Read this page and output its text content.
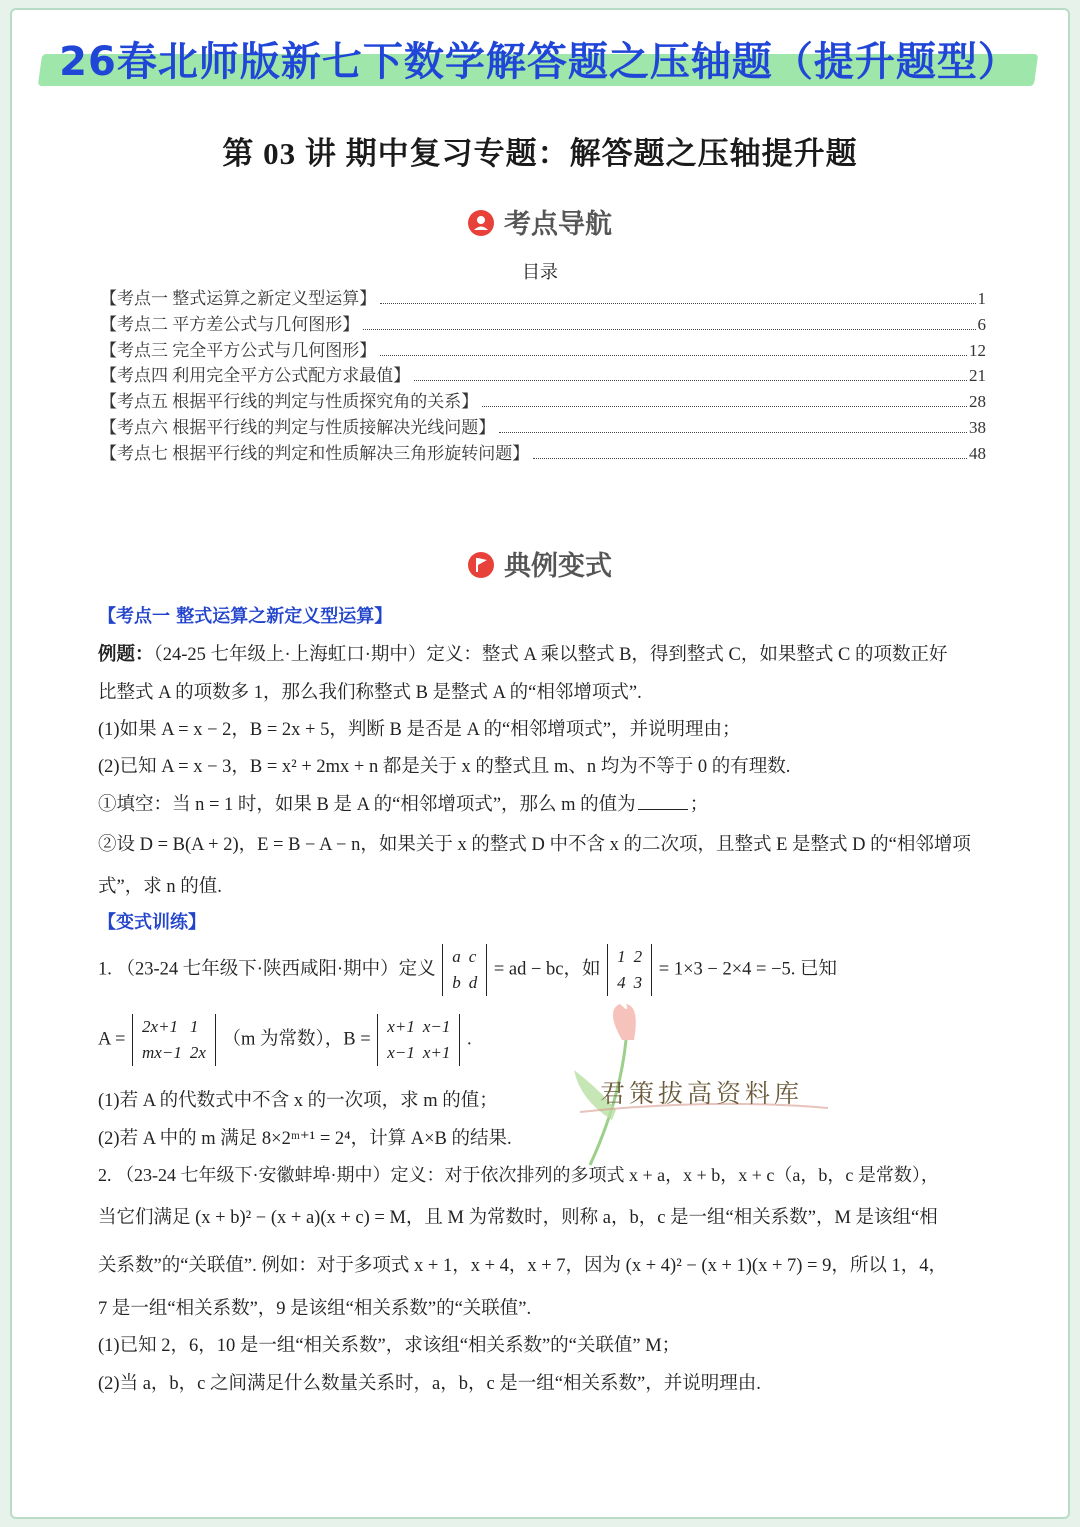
26春北师版新七下数学解答题之压轴题（提升题型）
第 03 讲 期中复习专题：解答题之压轴提升题
考点导航
目录
【考点一 整式运算之新定义型运算】	1
【考点二 平方差公式与几何图形】	6
【考点三 完全平方公式与几何图形】	12
【考点四 利用完全平方公式配方求最值】	21
【考点五 根据平行线的判定与性质探究角的关系】	28
【考点六 根据平行线的判定与性质接解决光线问题】	38
【考点七 根据平行线的判定和性质解决三角形旋转问题】	48
典例变式
【考点一 整式运算之新定义型运算】
例题：（24-25 七年级上·上海虹口·期中）定义：整式 A 乘以整式 B，得到整式 C，如果整式 C 的项数正好
比整式 A 的项数多 1，那么我们称整式 B 是整式 A 的“相邻增项式”.
(1)如果 A = x − 2，B = 2x + 5，判断 B 是否是 A 的“相邻增项式”，并说明理由；
(2)已知 A = x − 3，B = x² + 2mx + n 都是关于 x 的整式且 m、n 均为不等于 0 的有理数.
①填空：当 n = 1 时，如果 B 是 A 的“相邻增项式”，那么 m 的值为	；
②设 D = B(A + 2)，E = B − A − n，如果关于 x 的整式 D 中不含 x 的二次项，且整式 E 是整式 D 的“相邻增项
式”，求 n 的值.
【变式训练】
1. （23-24 七年级下·陕西咸阳·期中）定义
a	c
b	d
= ad − bc，如
1	2
4	3
= 1×3 − 2×4 = −5. 已知
A =
2x+1	1
mx−1	2x
（m 为常数），B =
x+1	x−1
x−1	x+1
.
(1)若 A 的代数式中不含 x 的一次项，求 m 的值；
(2)若 A 中的 m 满足 8×2ᵐ⁺¹ = 2⁴，计算 A×B 的结果.
2. （23-24 七年级下·安徽蚌埠·期中）定义：对于依次排列的多项式 x + a，x + b，x + c（a，b，c 是常数），
当它们满足 (x + b)² − (x + a)(x + c) = M，且 M 为常数时，则称 a，b，c 是一组“相关系数”，M 是该组“相
关系数”的“关联值”. 例如：对于多项式 x + 1，x + 4，x + 7，因为 (x + 4)² − (x + 1)(x + 7) = 9，所以 1，4，
7 是一组“相关系数”，9 是该组“相关系数”的“关联值”.
(1)已知 2，6，10 是一组“相关系数”，求该组“相关系数”的“关联值” M；
(2)当 a，b，c 之间满足什么数量关系时，a，b，c 是一组“相关系数”，并说明理由.
君策拔高资料库
